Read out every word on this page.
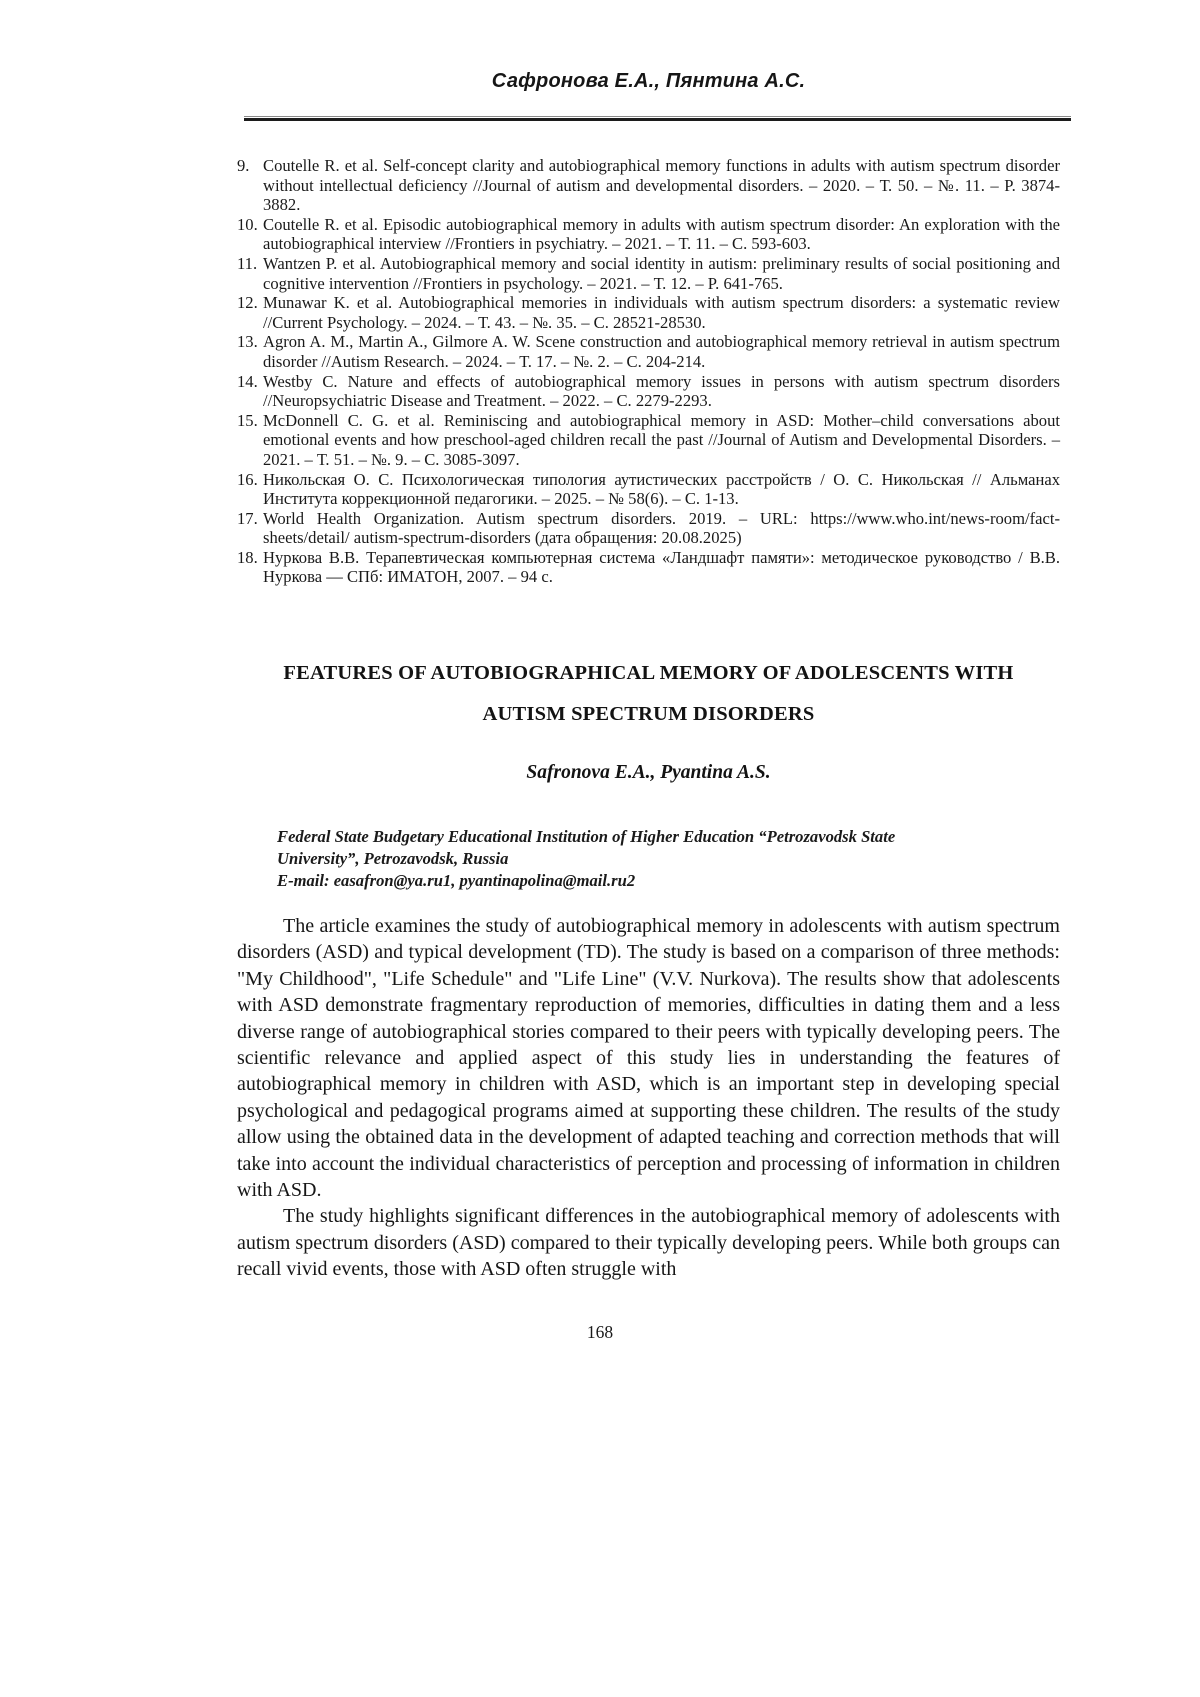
Сафронова Е.А., Пянтина А.С.
9. Coutelle R. et al. Self-concept clarity and autobiographical memory functions in adults with autism spectrum disorder without intellectual deficiency //Journal of autism and developmental disorders. – 2020. – Т. 50. – №. 11. – P. 3874-3882.
10. Coutelle R. et al. Episodic autobiographical memory in adults with autism spectrum disorder: An exploration with the autobiographical interview //Frontiers in psychiatry. – 2021. – Т. 11. – С. 593-603.
11. Wantzen P. et al. Autobiographical memory and social identity in autism: preliminary results of social positioning and cognitive intervention //Frontiers in psychology. – 2021. – Т. 12. – P. 641-765.
12. Munawar K. et al. Autobiographical memories in individuals with autism spectrum disorders: a systematic review //Current Psychology. – 2024. – Т. 43. – №. 35. – С. 28521-28530.
13. Agron A. M., Martin A., Gilmore A. W. Scene construction and autobiographical memory retrieval in autism spectrum disorder //Autism Research. – 2024. – Т. 17. – №. 2. – С. 204-214.
14. Westby C. Nature and effects of autobiographical memory issues in persons with autism spectrum disorders //Neuropsychiatric Disease and Treatment. – 2022. – С. 2279-2293.
15. McDonnell C. G. et al. Reminiscing and autobiographical memory in ASD: Mother–child conversations about emotional events and how preschool-aged children recall the past //Journal of Autism and Developmental Disorders. – 2021. – Т. 51. – №. 9. – С. 3085-3097.
16. Никольская О. С. Психологическая типология аутистических расстройств / О. С. Никольская // Альманах Института коррекционной педагогики. – 2025. – № 58(6). – С. 1-13.
17. World Health Organization. Autism spectrum disorders. 2019. – URL: https://www.who.int/news-room/fact-sheets/detail/ autism-spectrum-disorders (дата обращения: 20.08.2025)
18. Нуркова В.В. Терапевтическая компьютерная система «Ландшафт памяти»: методическое руководство / В.В. Нуркова — СПб: ИМАТОН, 2007. – 94 с.
FEATURES OF AUTOBIOGRAPHICAL MEMORY OF ADOLESCENTS WITH
AUTISM SPECTRUM DISORDERS
Safronova E.A., Pyantina A.S.
Federal State Budgetary Educational Institution of Higher Education “Petrozavodsk State
University”, Petrozavodsk, Russia
E-mail: easafron@ya.ru1, pyantinapolina@mail.ru2

The article examines the study of autobiographical memory in adolescents with autism spectrum disorders (ASD) and typical development (TD). The study is based on a comparison of three methods: "My Childhood", "Life Schedule" and "Life Line" (V.V. Nurkova). The results show that adolescents with ASD demonstrate fragmentary reproduction of memories, difficulties in dating them and a less diverse range of autobiographical stories compared to their peers with typically developing peers. The scientific relevance and applied aspect of this study lies in understanding the features of autobiographical memory in children with ASD, which is an important step in developing special psychological and pedagogical programs aimed at supporting these children. The results of the study allow using the obtained data in the development of adapted teaching and correction methods that will take into account the individual characteristics of perception and processing of information in children with ASD.

The study highlights significant differences in the autobiographical memory of adolescents with autism spectrum disorders (ASD) compared to their typically developing peers. While both groups can recall vivid events, those with ASD often struggle with

168
